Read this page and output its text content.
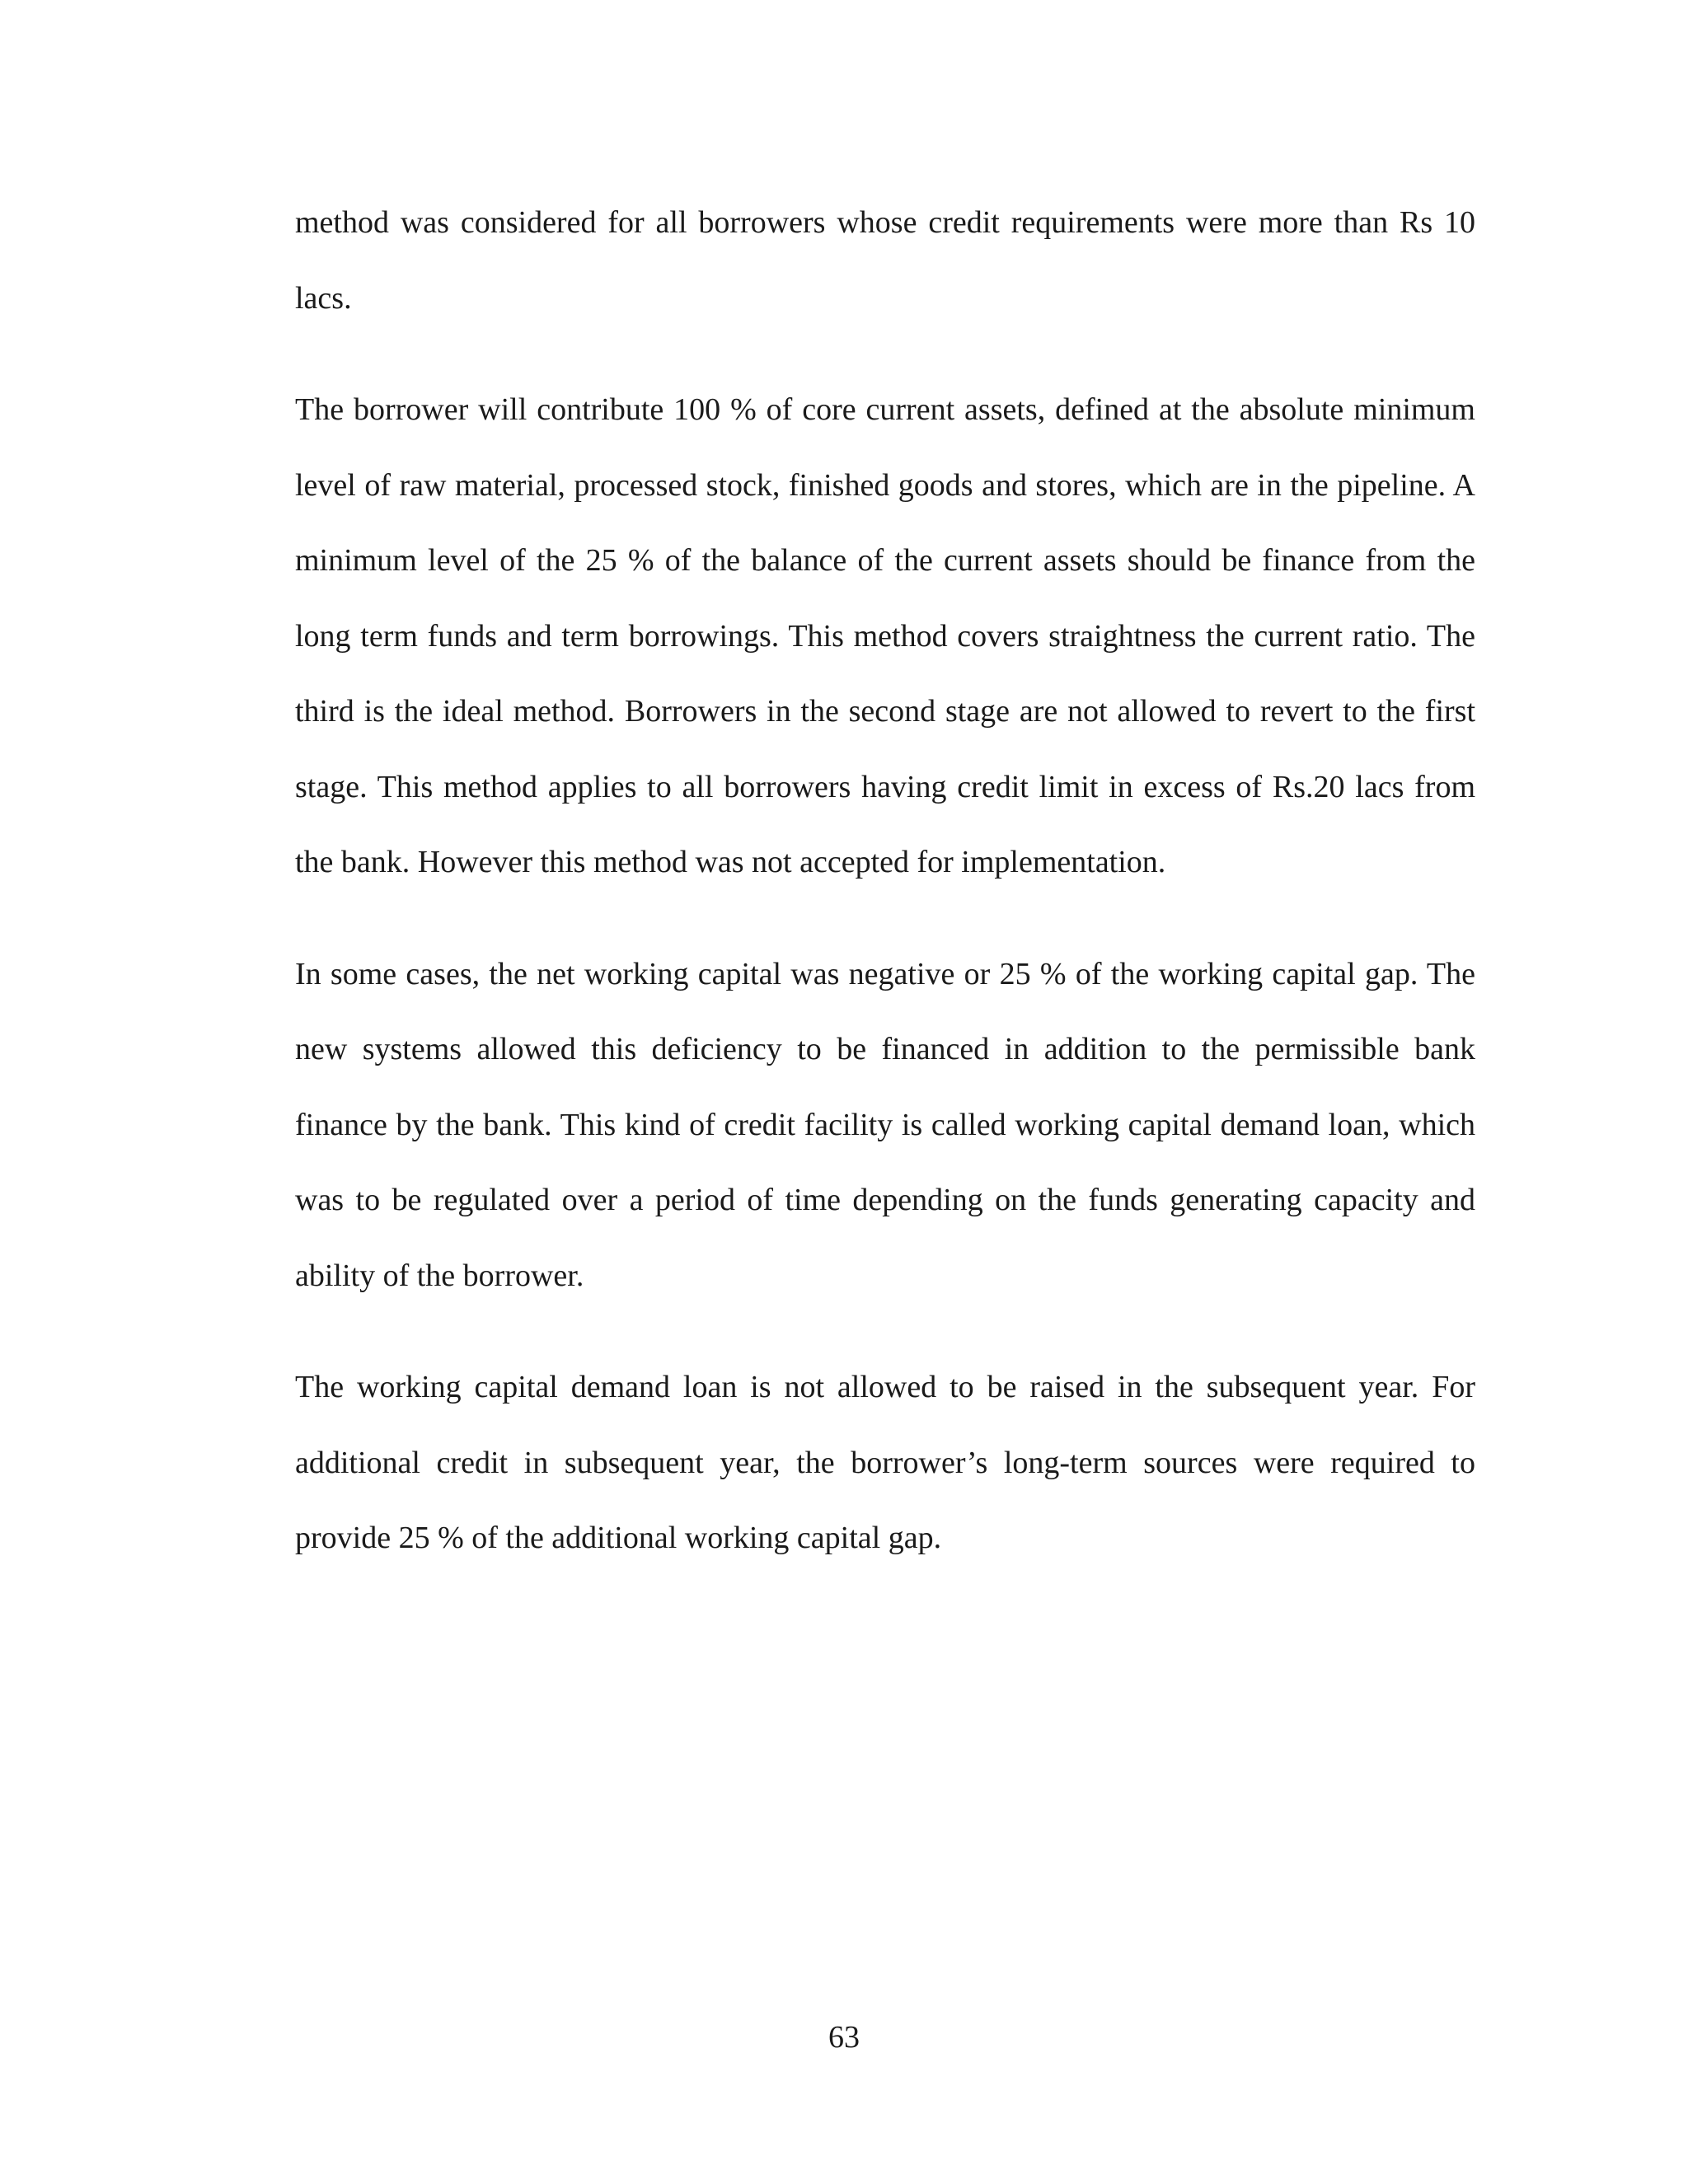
method was considered for all borrowers whose credit requirements were more than Rs 10 lacs.

The borrower will contribute 100 % of core current assets, defined at the absolute minimum level of raw material, processed stock, finished goods and stores, which are in the pipeline. A minimum level of the 25 % of the balance of the current assets should be finance from the long term funds and term borrowings. This method covers straightness the current ratio. The third is the ideal method. Borrowers in the second stage are not allowed to revert to the first stage. This method applies to all borrowers having credit limit in excess of Rs.20 lacs from the bank. However this method was not accepted for implementation.

In some cases, the net working capital was negative or 25 % of the working capital gap. The new systems allowed this deficiency to be financed in addition to the permissible bank finance by the bank. This kind of credit facility is called working capital demand loan, which was to be regulated over a period of time depending on the funds generating capacity and ability of the borrower.

The working capital demand loan is not allowed to be raised in the subsequent year. For additional credit in subsequent year, the borrower’s long-term sources were required to provide 25 % of the additional working capital gap.

63
